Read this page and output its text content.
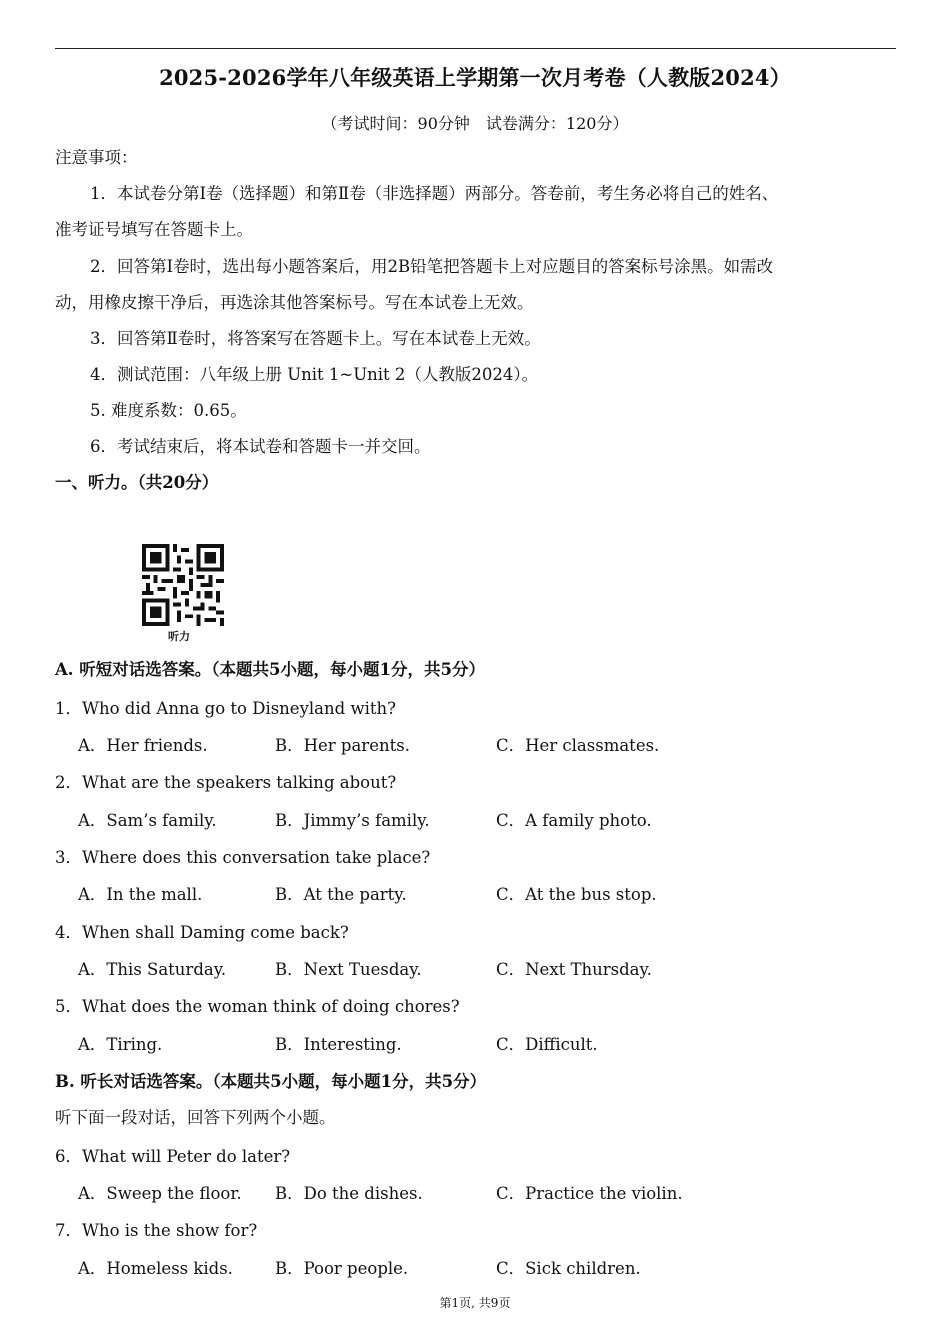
2025-2026学年八年级英语上学期第一次月考卷（人教版2024）
（考试时间：90分钟　试卷满分：120分）
注意事项：
1．本试卷分第Ⅰ卷（选择题）和第Ⅱ卷（非选择题）两部分。答卷前，考生务必将自己的姓名、
准考证号填写在答题卡上。
2．回答第Ⅰ卷时，选出每小题答案后，用2B铅笔把答题卡上对应题目的答案标号涂黑。如需改
动，用橡皮擦干净后，再选涂其他答案标号。写在本试卷上无效。
3．回答第Ⅱ卷时，将答案写在答题卡上。写在本试卷上无效。
4．测试范围：八年级上册 Unit 1~Unit 2（人教版2024）。
5. 难度系数：0.65。
6．考试结束后，将本试卷和答题卡一并交回。
一、听力。（共20分）
听力
A. 听短对话选答案。（本题共5小题，每小题1分，共5分）
1．Who did Anna go to Disneyland with?
A．Her friends.	B．Her parents.	C．Her classmates.
2．What are the speakers talking about?
A．Sam’s family.	B．Jimmy’s family.	C．A family photo.
3．Where does this conversation take place?
A．In the mall.	B．At the party.	C．At the bus stop.
4．When shall Daming come back?
A．This Saturday.	B．Next Tuesday.	C．Next Thursday.
5．What does the woman think of doing chores?
A．Tiring.	B．Interesting.	C．Difficult.
B. 听长对话选答案。（本题共5小题，每小题1分，共5分）
听下面一段对话，回答下列两个小题。
6．What will Peter do later?
A．Sweep the floor. B．Do the dishes.	C．Practice the violin.
7．Who is the show for?
A．Homeless kids.	B．Poor people.	C．Sick children.
第1页, 共9页
